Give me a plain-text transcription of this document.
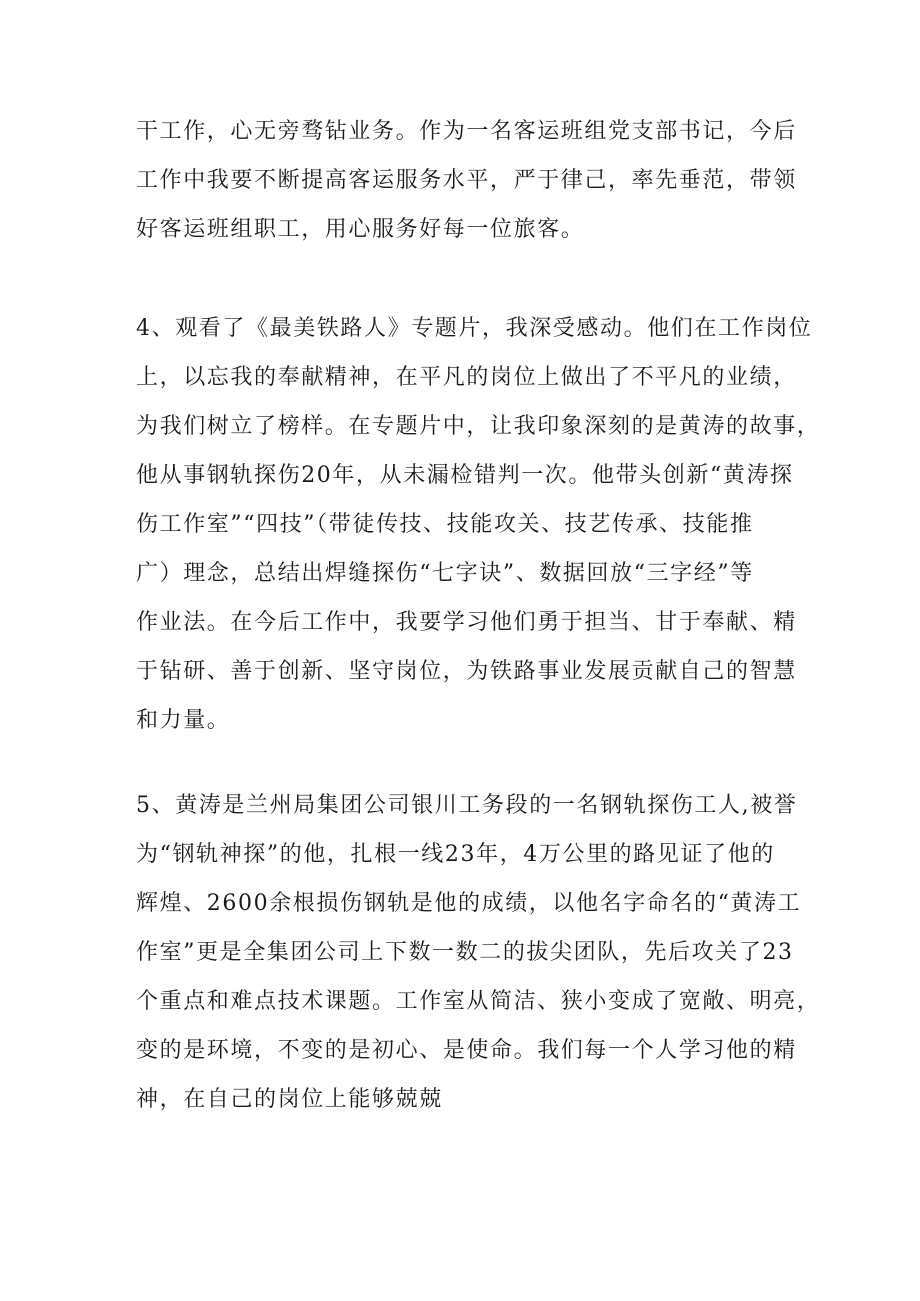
干工作，心无旁骛钻业务。作为一名客运班组党支部书记，今后
工作中我要不断提高客运服务水平，严于律己，率先垂范，带领
好客运班组职工，用心服务好每一位旅客。
4、观看了《最美铁路人》专题片，我深受感动。他们在工作岗位
上，以忘我的奉献精神，在平凡的岗位上做出了不平凡的业绩，
为我们树立了榜样。在专题片中，让我印象深刻的是黄涛的故事，
他从事钢轨探伤20年，从未漏检错判一次。他带头创新“黄涛探
伤工作室”“四技”（带徒传技、技能攻关、技艺传承、技能推
广）理念，总结出焊缝探伤“七字诀”、数据回放“三字经”等
作业法。在今后工作中，我要学习他们勇于担当、甘于奉献、精
于钻研、善于创新、坚守岗位，为铁路事业发展贡献自己的智慧
和力量。
5、黄涛是兰州局集团公司银川工务段的一名钢轨探伤工人,被誉
为“钢轨神探”的他，扎根一线23年，4万公里的路见证了他的
辉煌、2600余根损伤钢轨是他的成绩，以他名字命名的“黄涛工
作室”更是全集团公司上下数一数二的拔尖团队，先后攻关了23
个重点和难点技术课题。工作室从简洁、狭小变成了宽敞、明亮，
变的是环境，不变的是初心、是使命。我们每一个人学习他的精
神，在自己的岗位上能够兢兢
